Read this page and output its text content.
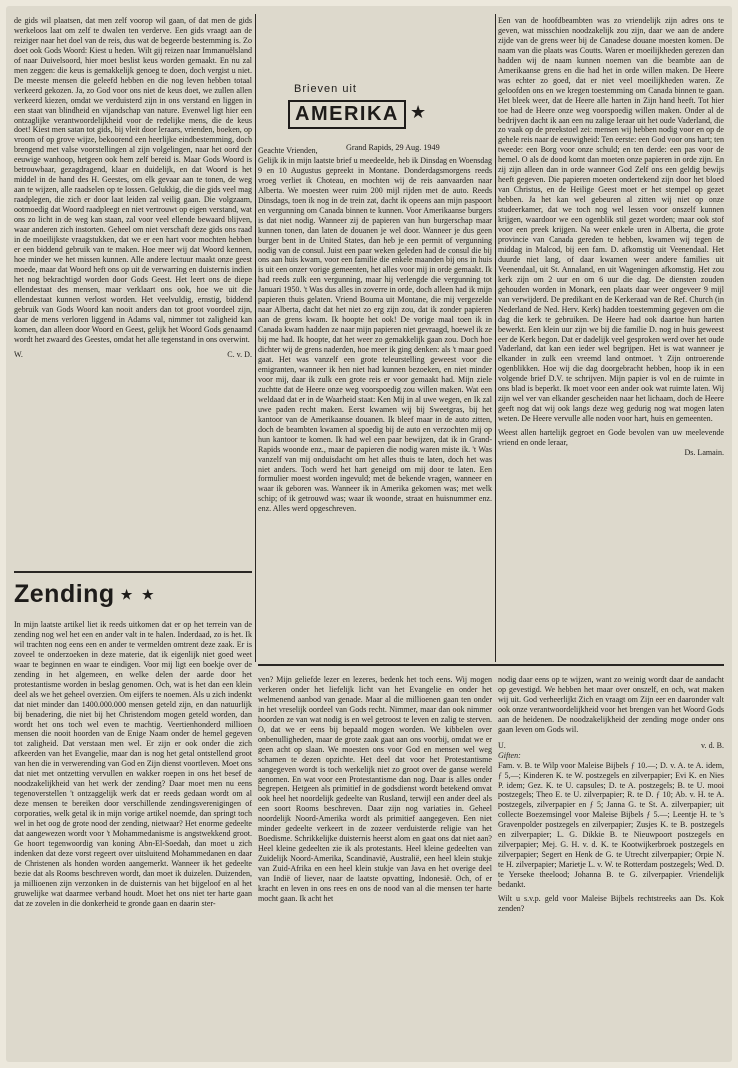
de gids wil plaatsen, dat men zelf voorop wil gaan, of dat men de gids werkeloos laat om zelf te dwalen ten verderve. Een gids vraagt aan de reiziger naar het doel van de reis, dus wat de begeerde bestemming is. Zo doet ook Gods Woord: Kiest u heden. Wilt gij reizen naar Immanuëlsland of naar Duivelsoord, hier moet beslist keus worden gemaakt. En nu zal men zeggen: die keus is gemakkelijk genoeg te doen, doch vergist u niet. De meeste mensen die geleefd hebben en die nog leven hebben totaal verkeerd gekozen. Ja, zo God voor ons niet de keus doet, we zullen allen verkeerd kiezen, omdat we verduisterd zijn in ons verstand en liggen in een staat van blindheid en vijandschap van nature. Evenwel ligt hier een ontzaglijke verantwoordelijkheid voor de redelijke mens, die de keus doet! Kiest men satan tot gids, bij vleit door leraars, vrienden, boeken, op vroom of op grove wijze, bekoorend een heerlijke eindbestemming, doch brengend met valse voorstellingen al zijn volgelingen, naar het oord der eeuwige wanhoop, hetgeen ook hem zelf bereid is. Maar Gods Woord is betrouwbaar, gezagdragend, klaar en duidelijk, en dat Woord is het middel in de hand des H. Geestes, om elk gevaar aan te tonen, de weg aan te wijzen, alle raadselen op te lossen. Gelukkig, die die gids veel mag raadplegen, die zich er door laat leiden zal veilig gaan. Die volgzaam, ootmoedig dat Woord raadpleegt en niet vertrouwt op eigen verstand, wat ons zo licht in de weg kan staan, zal voor veel ellende bewaard blijven, waar anderen zich instorten. Geheel om niet verschaft deze gids ons raad in de moeilijkste vraagstukken, dat we er een hart voor mochten hebben er een biddend gebruik van te maken. Hoe meer wij dat Woord kennen, hoe minder we het missen kunnen. Alle andere lectuur maakt onze geest moede, maar dat Woord heft ons op uit de verwarring en duisternis indien het nog bekrachtigd worden door Gods Geest. Het leert ons de diepe ellendestaat des mensen, maar verklaart ons ook, hoe we uit die ellendestaat kunnen verlost worden. Het veelvuldig, ernstig, biddend gebruik van Gods Woord kan nooit anders dan tot groot voordeel zijn, daar de mens verloren liggend in Adams val, nimmer tot zaligheid kan komen, dan alleen door Woord en Geest, gelijk het Woord Gods genaamd wordt het zwaard des Geestes, omdat het alle tegenstand in ons overwint.

W.	C. v. D.
Zending ★ ★
Brieven uit
AMERIKA ★
Grand Rapids, 29 Aug. 1949

Geachte Vrienden,

Gelijk ik in mijn laatste brief u meedeelde, heb ik Dinsdag en Woensdag 9 en 10 Augustus gepreekt in Montane. Donderdagsmorgens reeds vroeg verliet ik Choteau, en mochten wij de reis aanvaarden naar Alberta. We moesten weer ruim 200 mijl rijden met de auto. Reeds Dinsdags, toen ik nog in de trein zat, dacht ik opeens aan mijn paspoort en vergunning om Canada binnen te kunnen. Voor Amerikaanse burgers is dat niet nodig. Wanneer zij de papieren van hun burgerschap maar kunnen tonen, dan laten de douanen je wel door. Wanneer je dus geen burger bent in de United States, dan heb je een permit of vergunning nodig van de consul. Juist een paar weken geleden had de consul die bij ons aan huis kwam, voor een familie die enkele maanden bij ons in huis is uit een onzer vorige gemeenten, het alles voor mij in orde gemaakt. Ik had reeds zulk een vergunning, maar hij verlengde die vergunning tot Januari 1950. 't Was dus alles in zoverre in orde, doch alleen had ik mijn papieren thuis gelaten. Vriend Bouma uit Montane, die mij vergezelde naar Alberta, dacht dat het niet zo erg zijn zou, dat ik zonder papieren aan de grens kwam. Ik hoopte het ook! De vorige maal toen ik in Canada kwam hadden ze naar mijn papieren niet gevraagd, hoewel ik ze bij me had. Ik hoopte, dat het weer zo gemakkelijk gaan zou. Doch hoe dichter wij de grens naderden, hoe meer ik ging denken: als 't maar goed gaat. Het was vanzelf een grote teleurstelling geweest voor die emigranten, wanneer ik hen niet had kunnen bezoeken, en niet minder voor mij, daar ik zulk een grote reis er voor gemaakt had. Mijn ziele zuchtte dat de Heere onze weg voorspoedig zou willen maken. Wat een weldaad dat er in de Waarheid staat: Ken Mij in al uwe wegen, en Ik zal uwe paden recht maken. Eerst kwamen wij bij Sweetgras, bij het kantoor van de Amerikaanse douanen. Ik bleef maar in de auto zitten, doch de beambten kwamen al spoedig bij de auto en verzochten mij op hun kantoor te komen. Ik had wel een paar bewijzen, dat ik in Grand-Rapids woonde enz., maar de papieren die nodig waren miste ik. 't Was vanzelf van mij onduisdacht om het alles thuis te laten, doch het was niet anders. Toch werd het hart geneigd om mij door te laten. Een formulier moest worden ingevuld; met de bekende vragen, wanneer en waar ik geboren was. Wanneer ik in Amerika gekomen was; met welk schip; of ik getrouwd was; waar ik woonde, straat en huisnummer enz. enz. Alles werd opgeschreven.

Een van de hoofdbeambten was zo vriendelijk zijn adres ons te geven, wat misschien noodzakelijk zou zijn, daar we aan de andere zijde van de grens weer bij de Canadese douane moesten komen. De naam van die plaats was Coutts. Waren er moeilijkheden gerezen dan hadden wij de naam kunnen noemen van die beambte aan de Amerikaanse grens en die had het in orde willen maken. De Heere was echter zo goed, dat er niet veel moeilijkheden waren. Ze geloofden ons en we kregen toestemming om Canada binnen te gaan. Het bleek weer, dat de Heere alle harten in Zijn hand heeft. Tot hier toe had de Heere onze weg voorspoedig willen maken. Onder al de bedrijven dacht ik aan een nu zalige leraar uit het oude Vaderland, die zo vaak op de preekstoel zei: mensen wij hebben nodig voor en op de gehele reis naar de eeuwigheid: Ten eerste: een God voor ons hart; ten tweede: een Borg voor onze schuld; en ten derde: een pas voor de hemel. O als de dood komt dan moeten onze papieren in orde zijn. En zij zijn alleen dan in orde wanneer God Zelf ons een geldig bewijs heeft gegeven. Die papieren moeten ondertekend zijn door het bloed van Christus, en de Heilige Geest moet er het stempel op gezet hebben. Ja het kan wel gebeuren al zitten wij niet op onze studeerkamer, dat we toch nog wel lessen voor onszelf kunnen krijgen, waardoor we een ogenblik stil gezet worden; maar ook stof voor een preek krijgen. Na weer enkele uren in Alberta, die grote provincie van Canada gereden te hebben, kwamen wij tegen de middag in Malcod, bij een fam. D. afkomstig uit Veenendaal. Het duurde niet lang, of daar kwamen weer andere families uit Veenendaal, uit St. Annaland, en uit Wageningen afkomstig. Het zou kerk zijn om 2 uur en om 6 uur die dag. De diensten zouden gehouden worden in Monark, een plaats daar weer ongeveer 9 mijl van verwijderd. De predikant en de Kerkeraad van de Ref. Church (in Nederland de Ned. Herv. Kerk) hadden toestemming gegeven om die dag die kerk te gebruiken. De Heere had ook daartoe hun harten bewerkt. Een klein uur zijn we bij die familie D. nog in huis geweest eer de Kerk begon. Dat er dadelijk veel gesproken werd over het oude Vaderland, dat kan een ieder wel begrijpen. Het is wat wanneer je elkander in zulk een vreemd land ontmoet. 't Zijn ontroerende ogenblikken. Hoe wij die dag doorgebracht hebben, hoop ik in een volgende brief D.V. te schrijven. Mijn papier is vol en de ruimte in ons blad is beperkt. Ik moet voor een ander ook wat ruimte laten. Wij zijn wel ver van elkander gescheiden naar het lichaam, doch de Heere geeft nog dat wij ook langs deze weg gedurig nog wat mogen laten weten. De Heere vervulle alle noden voor hart, huis en gemeenten.

Weest allen hartelijk gegroet en Gode bevolen van uw meelevende vriend en onde leraar,

Ds. Lamain.

In mijn laatste artikel liet ik reeds uitkomen dat er op het terrein van de zending nog wel het een en ander valt in te halen. Inderdaad, zo is het. Ik wil trachten nog eens een en ander te vermelden omtrent deze zaak. Er is zoveel te onderzoeken in deze materie, dat ik eigenlijk niet goed weet waar te beginnen en waar te eindigen. Voor mij ligt een boekje over de zending in het algemeen, en welke delen der aarde door het protestantisme worden in beslag genomen. Och, wat is het dan een klein deel als we het geheel overzien. Om eijfers te noemen. Als u zich indenkt dat niet minder dan 1400.000.000 mensen geteld zijn, en dan natuurlijk bij benadering, die niet bij het Christendom mogen geteld worden, dan wordt het ons toch wel even te machtig. Veertienhonderd millioen mensen die nooit hoorden van de Enige Naam onder de hemel gegeven tot zaligheid. Dat verstaan men wel. Er zijn er ook onder die zich afkeerden van het Evangelie, maar dan is nog het getal ontstellend groot van hen die in verwerending van God en Zijn dienst voortleven. Moet ons dat niet met ontzetting vervullen en wakker roepen in ons het besef de noodzakelijkheid van het werk der zending? Daar moet men nu eens tegenoverstellen 't ontzaggelijk werk dat er reeds gedaan wordt om al deze mensen te bereiken door verschillende zendingsverenigingen of corporaties, welk getal ik in mijn vorige artikel noemde, dan springt toch wel in het oog de grote nood der zending, nietwaar? Het enorme gedeelte dat aangewezen wordt voor 't Mohammedanisme is angstwekkend groot. Ge hoort tegenwoordig van koning Abn-El-Soedah, dan moet u zich indenken dat deze vorst regeert over uitsluitend Mohammedanen en daar de Christenen als honden worden aangemerkt. Wanneer ik het gedeelte bezie dat als Rooms beschreven wordt, dan moet ik duizelen. Duizenden, ja millioenen zijn verzonken in de duisternis van het bijgeloof en al het gruwelijke wat daarmee verband houdt. Moet het ons niet ter harte gaan dat ze zovelen in die donkerheid te gronde gaan en daarin ster-

ven? Mijn geliefde lezer en lezeres, bedenk het toch eens. Wij mogen verkeren onder het liefelijk licht van het Evangelie en onder het welmenend aanbod van genade. Maar al die millioenen gaan ten onder in het vreselijk oordeel van Gods recht. Nimmer, maar dan ook nimmer hoorden ze van wat nodig is en wel getroost te leven en zalig te sterven. O, dat we er eens bij bepaald mogen worden. We kibbelen over onbenulligheden, maar de grote zaak gaat aan ons voorbij, omdat we er geen acht op slaan. We moesten ons voor God en mensen wel weg schamen te dezen opzichte. Het deel dat voor het Protestantisme aangegeven wordt is toch werkelijk niet zo groot over de ganse wereld genomen. En wat voor een Protestantisme dan nog. Daar is alles onder begrepen. Hetgeen als primitief in de godsdienst wordt betekend omvat ook heel het noordelijk gedeelte van Rusland, terwijl een ander deel als een soort Rooms beschreven. Daar zijn nog variaties in. Geheel noordelijk Noord-Amerika wordt als primitief aangegeven. Een niet minder gedeelte verkeert in de zozeer verduisterde religie van het Boedisme. Schrikkelijke duisternis heerst alom en gaat ons dat niet aan? Heel kleine gedeelten zie ik als protestants. Heel kleine gedeelten van Zuidelijk Noord-Amerika, Scandinavië, Australië, een heel klein stukje van Zuid-Afrika en een heel klein stukje van Java en het overige deel van Indië of liever, naar de laatste opvatting, Indonesië. Och, of er kracht en leven in ons rees en ons de nood van al die mensen ter harte mocht gaan. Ik acht het

nodig daar eens op te wijzen, want zo weinig wordt daar de aandacht op gevestigd. We hebben het maar over onszelf, en och, wat maken wij uit. God verheerlijkt Zich en vraagt om Zijn eer en daaronder valt ook onze verantwoordelijkheid voor het brengen van het Woord Gods aan de heidenen. De noodzakelijkheid der zending moge onder ons gaan leven om Gods wil.

U.	v. d. B.

Giften:

Fam. v. B. te Wilp voor Maleise Bijbels ƒ 10.—; D. v. A. te A. idem, ƒ 5,—; Kinderen K. te W. postzegels en zilverpapier; Evi K. en Nies P. idem; Gez. K. te U. capsules; D. te A. postzegels; B. te U. mooi postzegels; Theo E. te U. zilverpapier; R. te D. ƒ 10; Ab. v. H. te A. postzegels, zilverpapier en ƒ 5; Janna G. te St. A. zilverpapier; uit collecte Boezemsingel voor Maleise Bijbels ƒ 5.—; Leentje H. te 's Gravenpolder postzegels en zilverpapier; Zusjes K. te B. postzegels en zilverpapier; L. G. Dikkie B. te Nieuwpoort postzegels en zilverpapier; Mej. G. H. v. d. K. te Kootwijkerbroek postzegels en zilverpapier; Segert en Henk de G. te Utrecht zilverpapier; Orpie N. te H. zilverpapier; Marietje L. v. W. te Rotterdam postzegels; Wed. D. te Yerseke theelood; Johanna B. te G. zilverpapier. Vriendelijk bedankt.

Wilt u s.v.p. geld voor Maleise Bijbels rechtstreeks aan Ds. Kok zenden?
